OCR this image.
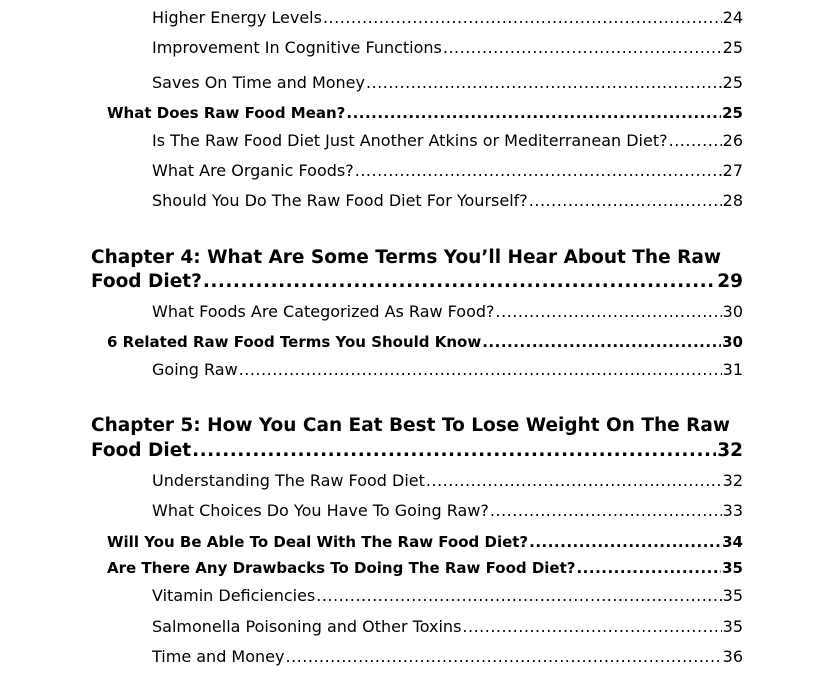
Higher Energy Levels .....	24
Improvement In Cognitive Functions .....	25
Saves On Time and Money .....	25
What Does Raw Food Mean? .....	25
Is The Raw Food Diet Just Another Atkins or Mediterranean Diet? .....	26
What Are Organic Foods? .....	27
Should You Do The Raw Food Diet For Yourself? .....	28
Chapter 4: What Are Some Terms You’ll Hear About The Raw
Food Diet? .....	29
What Foods Are Categorized As Raw Food? .....	30
6 Related Raw Food Terms You Should Know .....	30
Going Raw .....	31
Chapter 5: How You Can Eat Best To Lose Weight On The Raw
Food Diet .....	32
Understanding The Raw Food Diet .....	32
What Choices Do You Have To Going Raw? .....	33
Will You Be Able To Deal With The Raw Food Diet? .....	34
Are There Any Drawbacks To Doing The Raw Food Diet? .....	35
Vitamin Deficiencies .....	35
Salmonella Poisoning and Other Toxins .....	35
Time and Money .....	36
